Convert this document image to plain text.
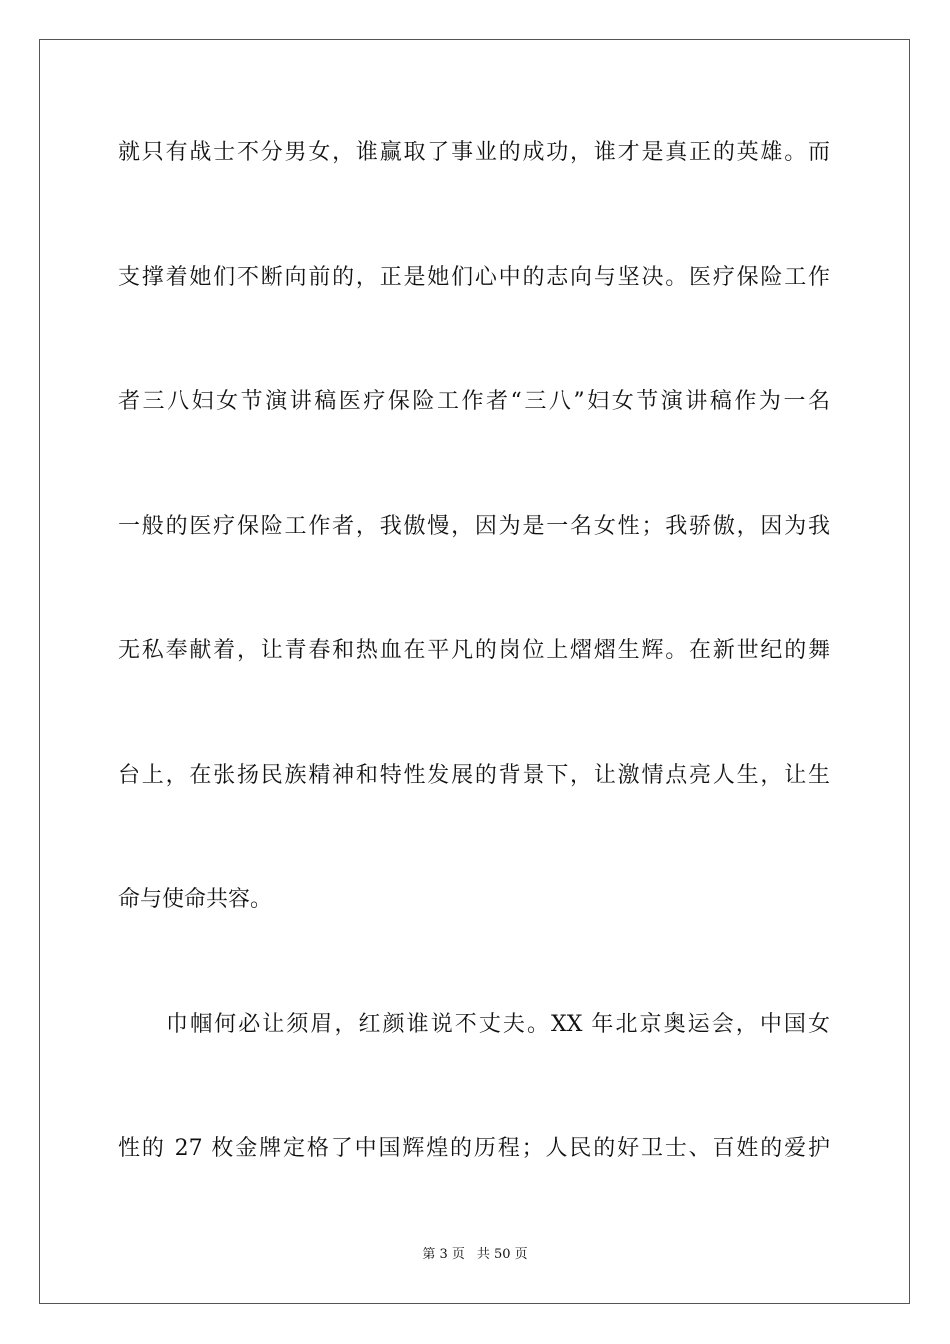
就只有战士不分男女，谁赢取了事业的成功，谁才是真正的英雄。而
支撑着她们不断向前的，正是她们心中的志向与坚决。医疗保险工作
者三八妇女节演讲稿医疗保险工作者“三八”妇女节演讲稿作为一名
一般的医疗保险工作者，我傲慢，因为是一名女性；我骄傲，因为我
无私奉献着，让青春和热血在平凡的岗位上熠熠生辉。在新世纪的舞
台上，在张扬民族精神和特性发展的背景下，让激情点亮人生，让生
命与使命共容。
巾帼何必让须眉，红颜谁说不丈夫。XX 年北京奥运会，中国女
性的 27 枚金牌定格了中国辉煌的历程；人民的好卫士、百姓的爱护
第 3 页 共 50 页
